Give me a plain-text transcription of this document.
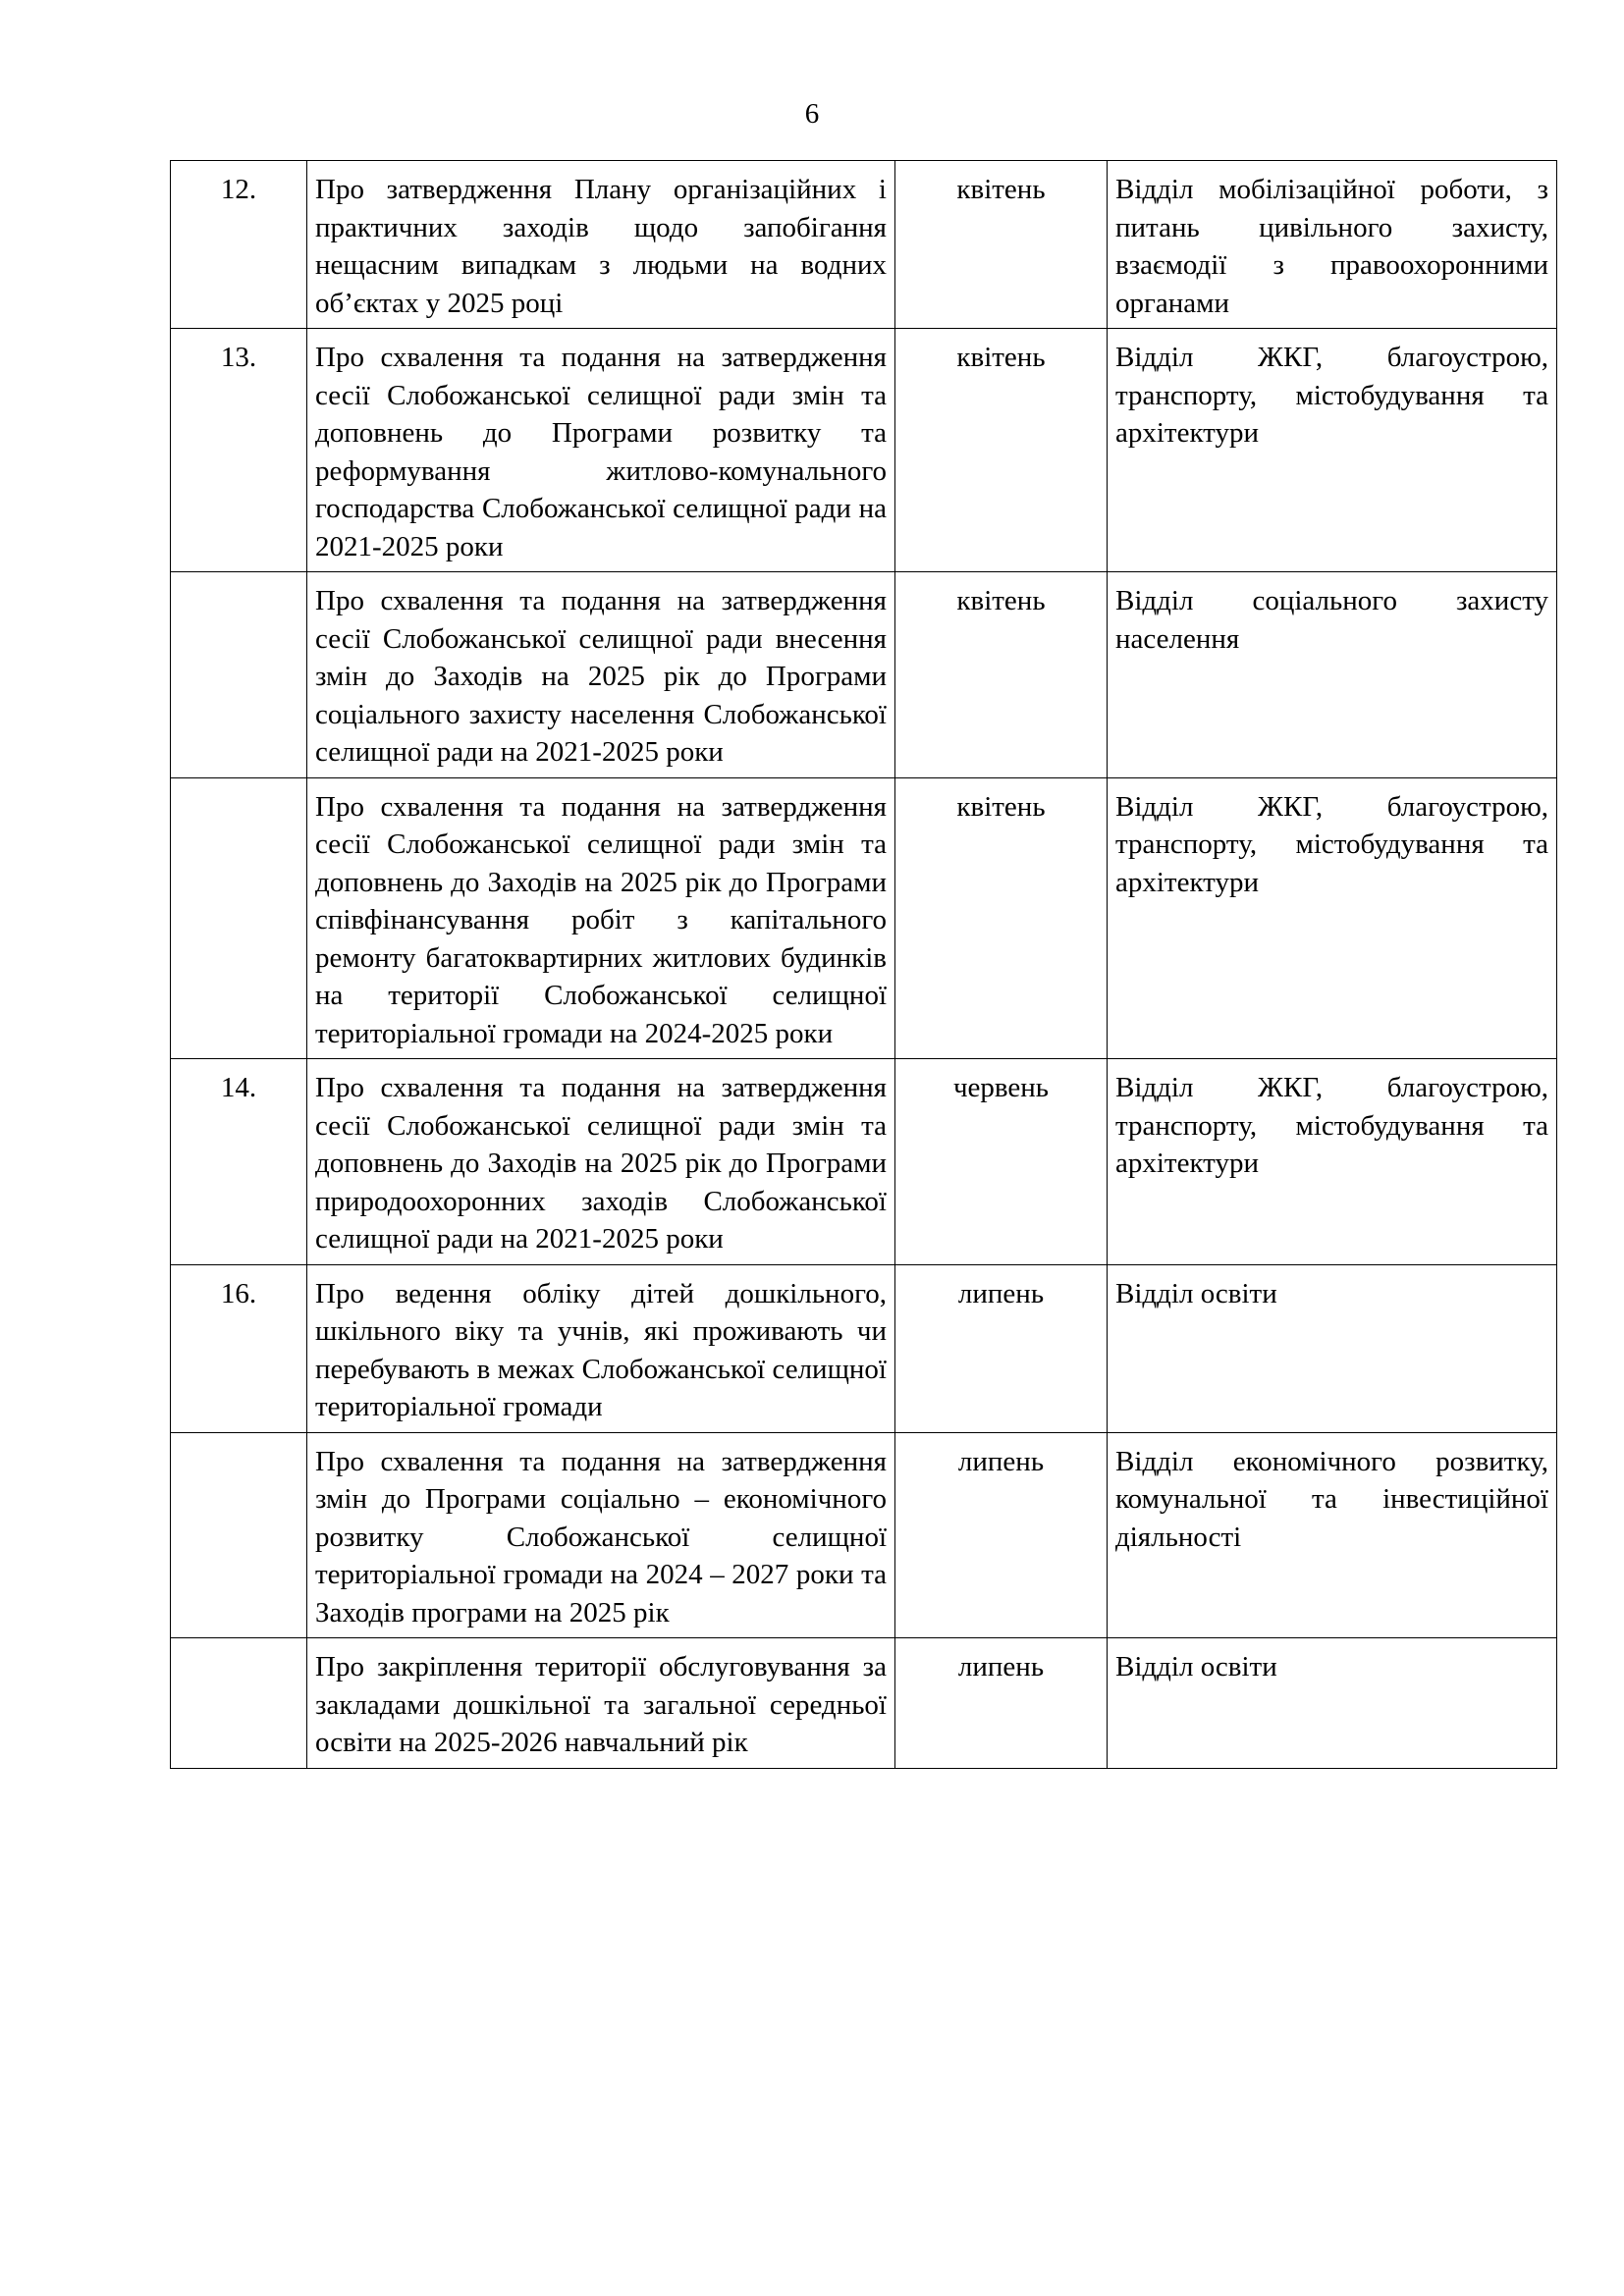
6
12.	Про затвердження Плану організаційних і практичних заходів щодо запобігання нещасним випадкам з людьми на водних об’єктах у 2025 році	квітень	Відділ мобілізаційної роботи, з питань цивільного захисту, взаємодії з правоохоронними органами
13.	Про схвалення та подання на затвердження сесії Слобожанської селищної ради змін та доповнень до Програми розвитку та реформування житлово-комунального господарства Слобожанської селищної ради на 2021-2025 роки	квітень	Відділ ЖКГ, благоустрою, транспорту, містобудування та архітектури
	Про схвалення та подання на затвердження сесії Слобожанської селищної ради внесення змін до Заходів на 2025 рік до Програми соціального захисту населення Слобожанської селищної ради на 2021-2025 роки	квітень	Відділ соціального захисту населення
	Про схвалення та подання на затвердження сесії Слобожанської селищної ради змін та доповнень до Заходів на 2025 рік до Програми співфінансування робіт з капітального ремонту багатоквартирних житлових будинків на території Слобожанської селищної територіальної громади на 2024-2025 роки	квітень	Відділ ЖКГ, благоустрою, транспорту, містобудування та архітектури
14.	Про схвалення та подання на затвердження сесії Слобожанської селищної ради змін та доповнень до Заходів на 2025 рік до Програми природоохоронних заходів Слобожанської селищної ради на 2021-2025 роки	червень	Відділ ЖКГ, благоустрою, транспорту, містобудування та архітектури
16.	Про ведення обліку дітей дошкільного, шкільного віку та учнів, які проживають чи перебувають в межах Слобожанської селищної територіальної громади	липень	Відділ освіти
	Про схвалення та подання на затвердження змін до Програми соціально – економічного розвитку Слобожанської селищної територіальної громади на 2024 – 2027 роки та Заходів програми на 2025 рік	липень	Відділ економічного розвитку, комунальної та інвестиційної діяльності
	Про закріплення території обслуговування за закладами дошкільної та загальної середньої освіти на 2025-2026 навчальний рік	липень	Відділ освіти
